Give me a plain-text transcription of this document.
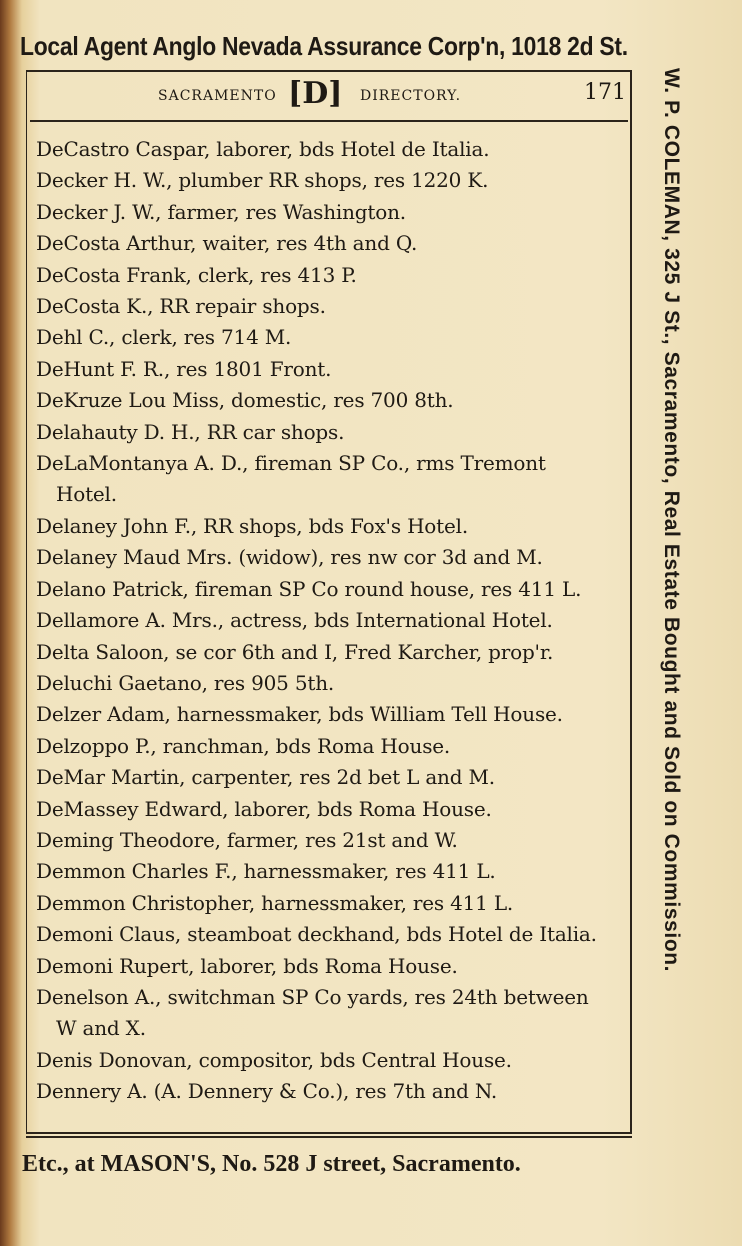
Local Agent Anglo Nevada Assurance Corp'n, 1018 2d St.
SACRAMENTO [D] DIRECTORY.	171
DeCastro Caspar, laborer, bds Hotel de Italia.
Decker H. W., plumber RR shops, res 1220 K.
Decker J. W., farmer, res Washington.
DeCosta Arthur, waiter, res 4th and Q.
DeCosta Frank, clerk, res 413 P.
DeCosta K., RR repair shops.
Dehl C., clerk, res 714 M.
DeHunt F. R., res 1801 Front.
DeKruze Lou Miss, domestic, res 700 8th.
Delahauty D. H., RR car shops.
DeLaMontanya A. D., fireman SP Co., rms Tremont
Hotel.
Delaney John F., RR shops, bds Fox's Hotel.
Delaney Maud Mrs. (widow), res nw cor 3d and M.
Delano Patrick, fireman SP Co round house, res 411 L.
Dellamore A. Mrs., actress, bds International Hotel.
Delta Saloon, se cor 6th and I, Fred Karcher, prop'r.
Deluchi Gaetano, res 905 5th.
Delzer Adam, harnessmaker, bds William Tell House.
Delzoppo P., ranchman, bds Roma House.
DeMar Martin, carpenter, res 2d bet L and M.
DeMassey Edward, laborer, bds Roma House.
Deming Theodore, farmer, res 21st and W.
Demmon Charles F., harnessmaker, res 411 L.
Demmon Christopher, harnessmaker, res 411 L.
Demoni Claus, steamboat deckhand, bds Hotel de Italia.
Demoni Rupert, laborer, bds Roma House.
Denelson A., switchman SP Co yards, res 24th between
W and X.
Denis Donovan, compositor, bds Central House.
Dennery A. (A. Dennery & Co.), res 7th and N.
W. P. COLEMAN, 325 J St., Sacramento, Real Estate Bought and Sold on Commission.
Etc., at MASON'S, No. 528 J street, Sacramento.
